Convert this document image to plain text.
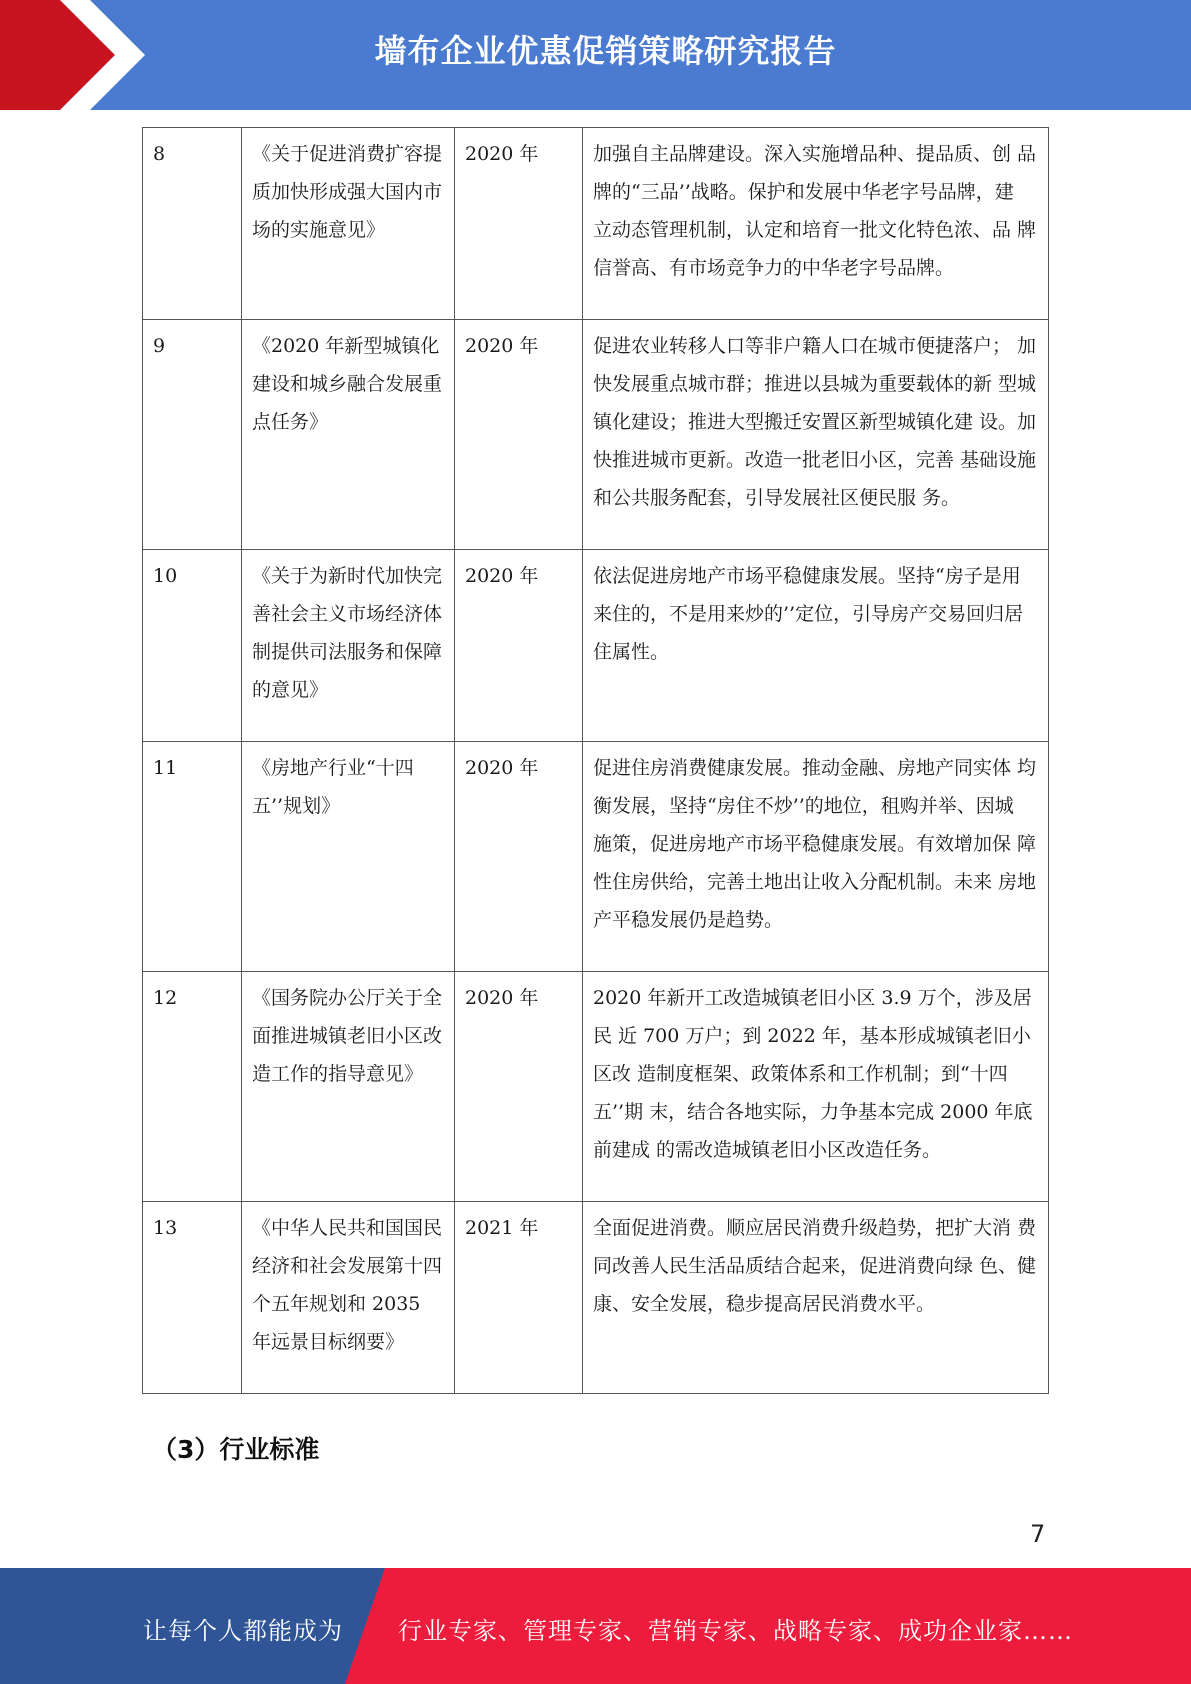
墙布企业优惠促销策略研究报告
8	《关于促进消费扩容提质加快形成强大国内市场的实施意见》	2020 年	加强自主品牌建设。深入实施增品种、提品质、创 品牌的“三品’’战略。保护和发展中华老字号品牌，建 立动态管理机制，认定和培育一批文化特色浓、品 牌信誉高、有市场竞争力的中华老字号品牌。
9	《2020 年新型城镇化建设和城乡融合发展重点任务》	2020 年	促进农业转移人口等非户籍人口在城市便捷落户； 加快发展重点城市群；推进以县城为重要载体的新 型城镇化建设；推进大型搬迁安置区新型城镇化建 设。加快推进城市更新。改造一批老旧小区，完善 基础设施和公共服务配套，引导发展社区便民服 务。
10	《关于为新时代加快完善社会主义市场经济体制提供司法服务和保障的意见》	2020 年	依法促进房地产市场平稳健康发展。坚持“房子是用 来住的，不是用来炒的’’定位，引导房产交易回归居 住属性。
11	《房地产行业“十四五’’规划》	2020 年	促进住房消费健康发展。推动金融、房地产同实体 均衡发展，坚持“房住不炒’’的地位，租购并举、因城 施策，促进房地产市场平稳健康发展。有效增加保 障性住房供给，完善土地出让收入分配机制。未来 房地产平稳发展仍是趋势。
12	《国务院办公厅关于全面推进城镇老旧小区改造工作的指导意见》	2020 年	2020 年新开工改造城镇老旧小区 3.9 万个，涉及居民 近 700 万户；到 2022 年，基本形成城镇老旧小区改 造制度框架、政策体系和工作机制；到“十四五’’期 末，结合各地实际，力争基本完成 2000 年底前建成 的需改造城镇老旧小区改造任务。
13	《中华人民共和国国民经济和社会发展第十四个五年规划和 2035 年远景目标纲要》	2021 年	全面促进消费。顺应居民消费升级趋势，把扩大消 费同改善人民生活品质结合起来，促进消费向绿 色、健康、安全发展，稳步提高居民消费水平。
（3）行业标准
7
让每个人都能成为 行业专家、管理专家、营销专家、战略专家、成功企业家……
